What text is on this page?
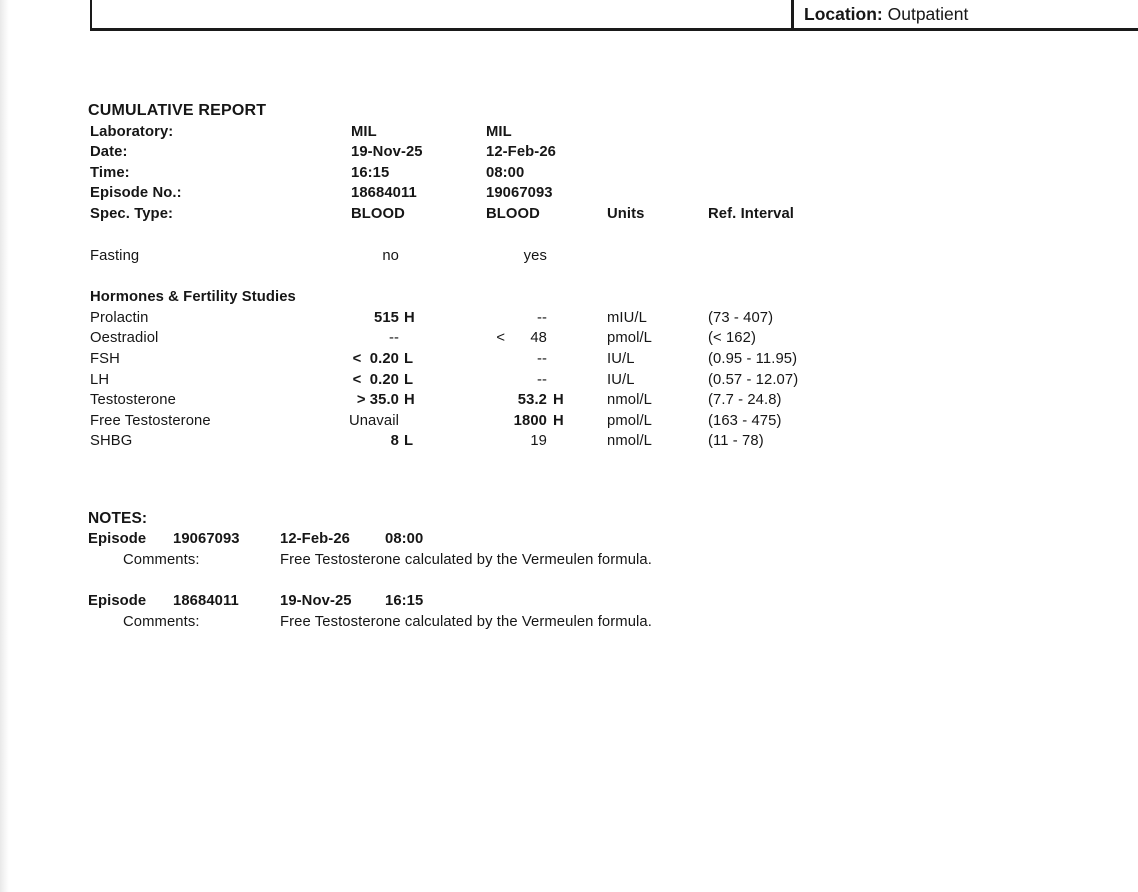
Location: Outpatient
CUMULATIVE REPORT
Laboratory:	MIL	MIL
Date:	19-Nov-25	12-Feb-26
Time:	16:15	08:00
Episode No.:	18684011	19067093
Spec. Type:	BLOOD	BLOOD	Units	Ref. Interval
Fasting	no	yes
Hormones & Fertility Studies
Prolactin	515 H	--	mIU/L	(73 - 407)
Oestradiol	--	<      48	pmol/L	(< 162)
FSH	<  0.20 L	--	IU/L	(0.95 - 11.95)
LH	<  0.20 L	--	IU/L	(0.57 - 12.07)
Testosterone	> 35.0 H	53.2 H	nmol/L	(7.7 - 24.8)
Free Testosterone	Unavail	1800 H	pmol/L	(163 - 475)
SHBG	8 L	19	nmol/L	(11 - 78)
NOTES:
Episode 19067093	12-Feb-26 08:00
Comments:	Free Testosterone calculated by the Vermeulen formula.
Episode 18684011	19-Nov-25 16:15
Comments:	Free Testosterone calculated by the Vermeulen formula.
